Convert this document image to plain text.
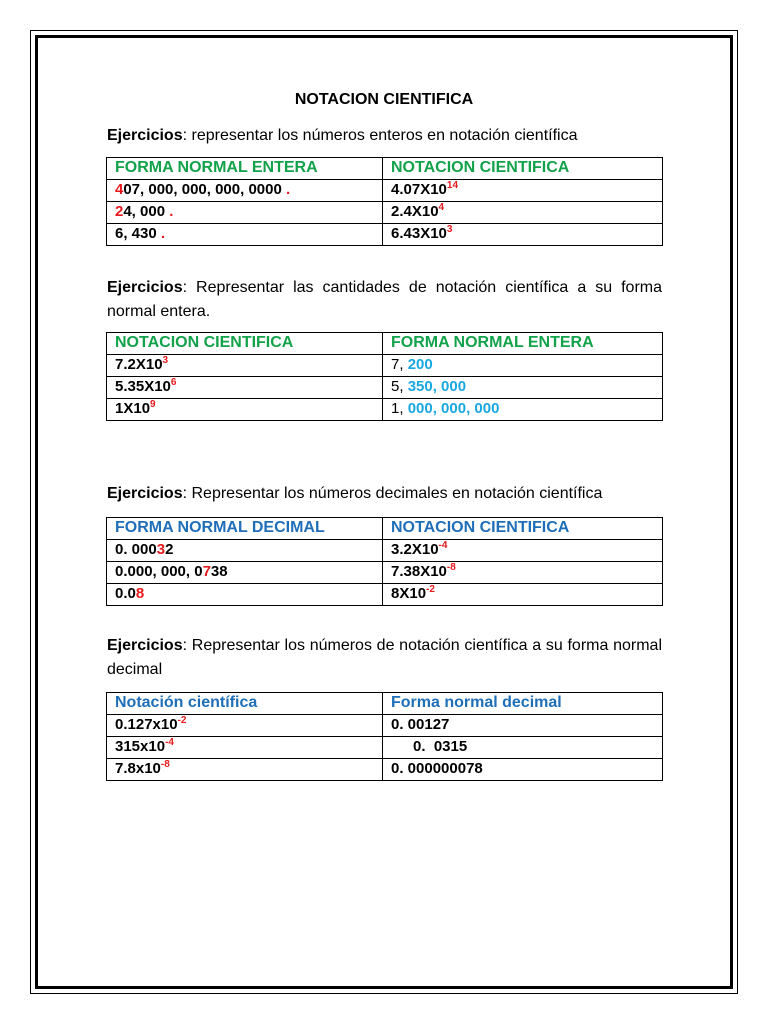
NOTACION CIENTIFICA

Ejercicios: representar los números enteros en notación científica

FORMA NORMAL ENTERA	NOTACION CIENTIFICA
407, 000, 000, 000, 0000 .	$4.07X10^{14}$
24, 000 .	$2.4X10^4$
6, 430 .	$6.43X10^3$

Ejercicios: Representar las cantidades de notación científica a su forma normal entera.

NOTACION CIENTIFICA	FORMA NORMAL ENTERA
$7.2X10^3$	7, 200
$5.35X10^6$	5, 350, 000
$1X10^9$	1, 000, 000, 000

Ejercicios: Representar los números decimales en notación científica

FORMA NORMAL DECIMAL	NOTACION CIENTIFICA
0. 00032	$3.2X10^{-4}$
0.000, 000, 0738	$7.38X10^{-8}$
0.08	$8X10^{-2}$

Ejercicios: Representar los números de notación científica a su forma normal decimal

Notación científica	Forma normal decimal
$0.127x10^{-2}$	0. 00127
$315x10^{-4}$	0.  0315
$7.8x10^{-8}$	0. 000000078
